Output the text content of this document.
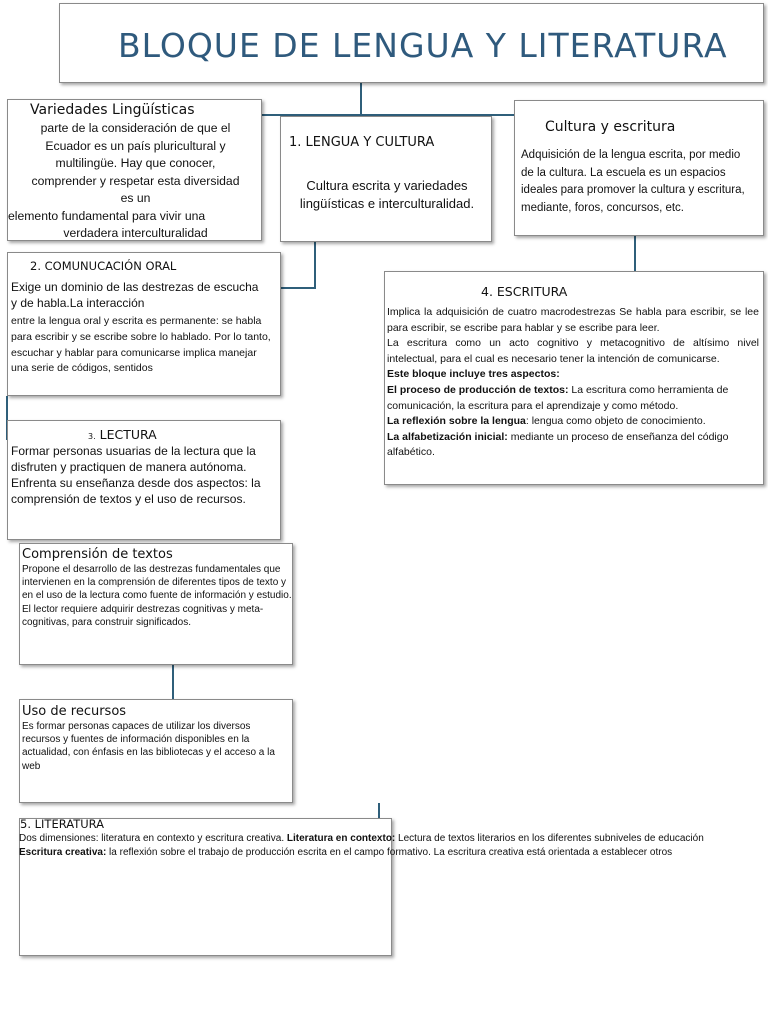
BLOQUE DE LENGUA Y LITERATURA
Variedades Lingüísticas

parte de la consideración de que el

Ecuador es un país pluricultural y

multilingüe. Hay que conocer,

comprender y respetar esta diversidad

es un

elemento fundamental para vivir una

verdadera interculturalidad

1. LENGUA Y CULTURA
Cultura escrita y variedades lingüísticas e interculturalidad.
Cultura y escritura
Adquisición de la lengua escrita, por medio de la cultura. La escuela es un espacios ideales para promover la cultura y escritura, mediante, foros, concursos, etc.
2. COMUNUCACIÓN ORAL

Exige un dominio de las destrezas de escucha

y de habla.La interacción

entre la lengua oral y escrita es permanente: se habla para escribir y se escribe sobre lo hablado. Por lo tanto, escuchar y hablar para comunicarse implica manejar una serie de códigos, sentidos
4. ESCRITURA

Implica la adquisición de cuatro macrodestrezas Se habla para escribir, se lee para escribir, se escribe para hablar y se escribe para leer.

La escritura como un acto cognitivo y metacognitivo de altísimo nivel intelectual, para el cual es necesario tener la intención de comunicarse.

Este bloque incluye tres aspectos:

El proceso de producción de textos: La escritura como herramienta de comunicación, la escritura para el aprendizaje y como método.

La reflexión sobre la lengua: lengua como objeto de conocimiento.

La alfabetización inicial: mediante un proceso de enseñanza del código alfabético.

3. LECTURA
Formar personas usuarias de la lectura que la disfruten y practiquen de manera autónoma. Enfrenta su enseñanza desde dos aspectos: la comprensión de textos y el uso de recursos.
Comprensión de textos
Propone el desarrollo de las destrezas fundamentales que intervienen en la comprensión de diferentes tipos de texto y en el uso de la lectura como fuente de información y estudio. El lector requiere adquirir destrezas cognitivas y meta-cognitivas, para construir significados.
Uso de recursos
Es formar personas capaces de utilizar los diversos recursos y fuentes de información disponibles en la actualidad, con énfasis en las bibliotecas y el acceso a la web
5. LITERATURA

Dos dimensiones: literatura en contexto y escritura creativa. Literatura en contexto: Lectura de textos literarios en los diferentes subniveles de educación

Escritura creativa: la reflexión sobre el trabajo de producción escrita en el campo formativo. La escritura creativa está orientada a establecer otros
